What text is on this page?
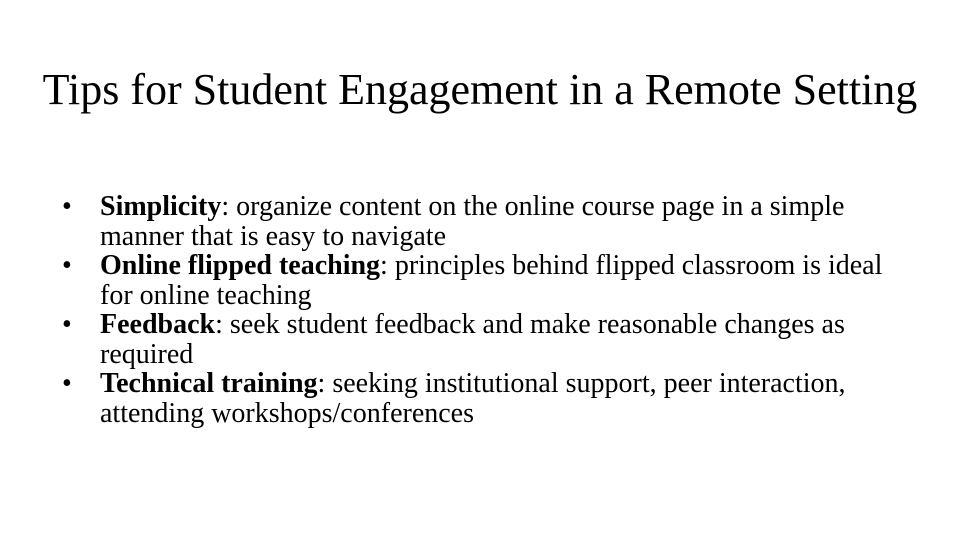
Tips for Student Engagement in a Remote Setting
•	Simplicity: organize content on the online course page in a simple manner that is easy to navigate
•	Online flipped teaching: principles behind flipped classroom is ideal for online teaching
•	Feedback: seek student feedback and make reasonable changes as required
•	Technical training: seeking institutional support, peer interaction, attending workshops/conferences
